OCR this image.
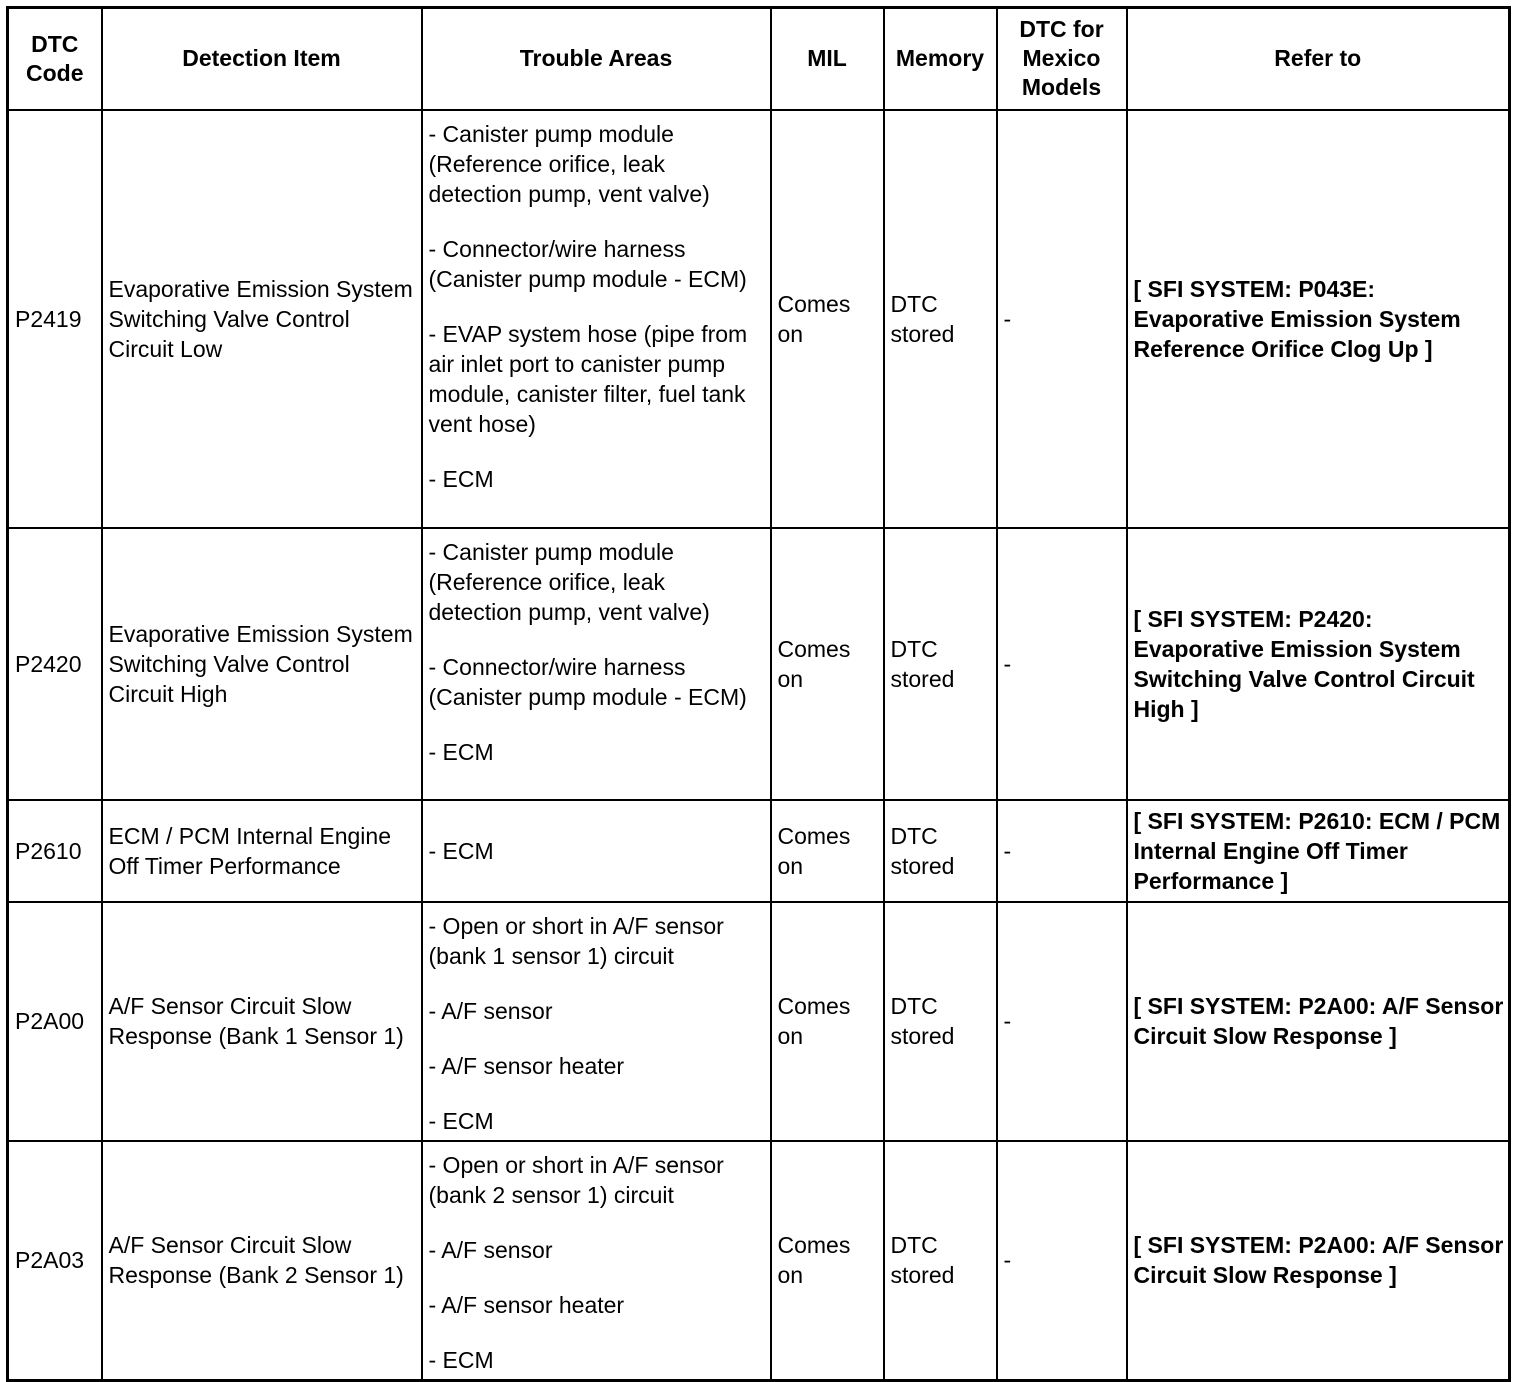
DTC Code	Detection Item	Trouble Areas	MIL	Memory	DTC for Mexico Models	Refer to
P2419	Evaporative Emission System Switching Valve Control Circuit Low	- Canister pump module (Reference orifice, leak detection pump, vent valve)
- Connector/wire harness (Canister pump module - ECM)
- EVAP system hose (pipe from air inlet port to canister pump module, canister filter, fuel tank vent hose)
- ECM	Comes on	DTC stored	-	[ SFI SYSTEM: P043E: Evaporative Emission System Reference Orifice Clog Up ]
P2420	Evaporative Emission System Switching Valve Control Circuit High	- Canister pump module (Reference orifice, leak detection pump, vent valve)
- Connector/wire harness (Canister pump module - ECM)
- ECM	Comes on	DTC stored	-	[ SFI SYSTEM: P2420: Evaporative Emission System Switching Valve Control Circuit High ]
P2610	ECM / PCM Internal Engine Off Timer Performance	- ECM	Comes on	DTC stored	-	[ SFI SYSTEM: P2610: ECM / PCM Internal Engine Off Timer Performance ]
P2A00	A/F Sensor Circuit Slow Response (Bank 1 Sensor 1)	- Open or short in A/F sensor (bank 1 sensor 1) circuit
- A/F sensor
- A/F sensor heater
- ECM	Comes on	DTC stored	-	[ SFI SYSTEM: P2A00: A/F Sensor Circuit Slow Response ]
P2A03	A/F Sensor Circuit Slow Response (Bank 2 Sensor 1)	- Open or short in A/F sensor (bank 2 sensor 1) circuit
- A/F sensor
- A/F sensor heater
- ECM	Comes on	DTC stored	-	[ SFI SYSTEM: P2A00: A/F Sensor Circuit Slow Response ]
